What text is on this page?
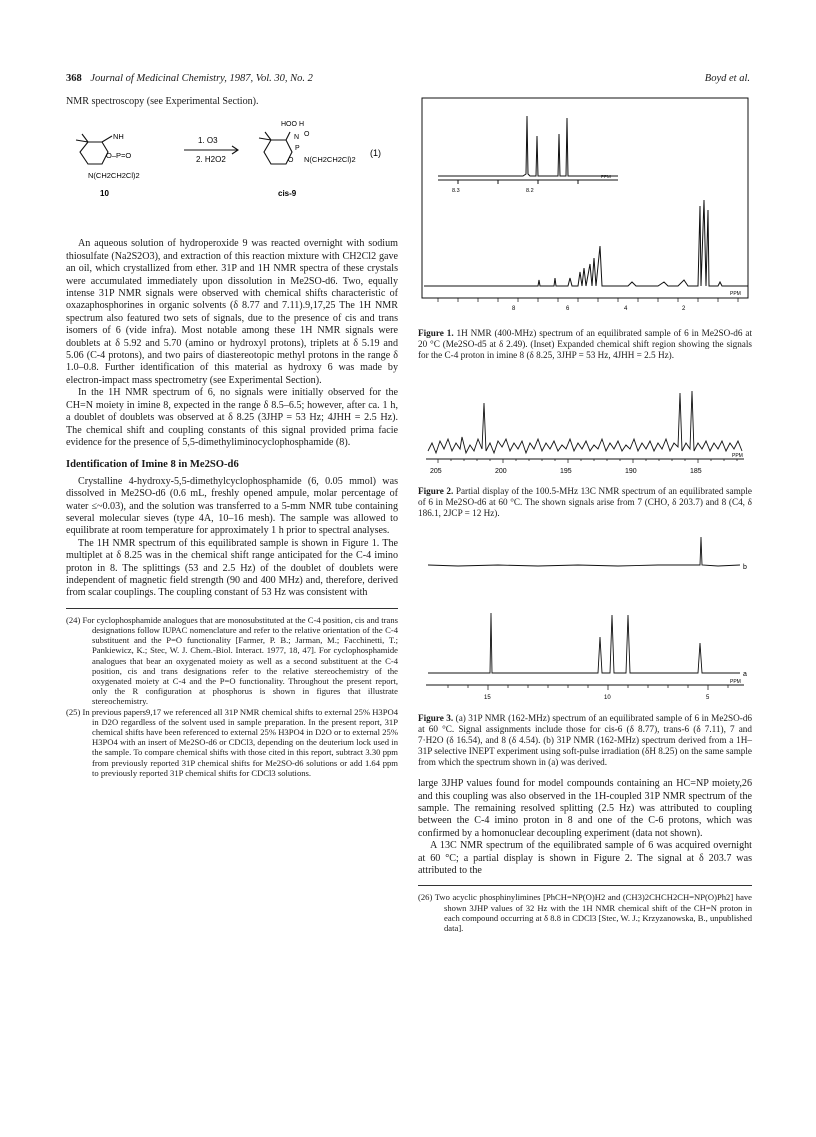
368 Journal of Medicinal Chemistry, 1987, Vol. 30, No. 2	Boyd et al.

NMR spectroscopy (see Experimental Section).

NH
O–P=O
N(CH2CH2Cl)2
10
1. O3
2. H2O2
HOO H
N O
P
O N(CH2CH2Cl)2
(1)
cis-9

An aqueous solution of hydroperoxide 9 was reacted overnight with sodium thiosulfate (Na2S2O3), and extraction of this reaction mixture with CH2Cl2 gave an oil, which crystallized from ether. 31P and 1H NMR spectra of these crystals were accumulated immediately upon dissolution in Me2SO-d6. Two, equally intense 31P NMR signals were observed with chemical shifts characteristic of oxazaphosphorines in organic solvents (δ 8.77 and 7.11).9,17,25 The 1H NMR spectrum also featured two sets of signals, due to the presence of cis and trans isomers of 6 (vide infra). Most notable among these 1H NMR signals were doublets at δ 5.92 and 5.70 (amino or hydroxyl protons), triplets at δ 5.19 and 5.06 (C-4 protons), and two pairs of diastereotopic methyl protons in the range δ 1.0–0.8. Further identification of this material as hydroxy 6 was made by electron-impact mass spectrometry (see Experimental Section).

In the 1H NMR spectrum of 6, no signals were initially observed for the CH=N moiety in imine 8, expected in the range δ 8.5–6.5; however, after ca. 1 h, a doublet of doublets was observed at δ 8.25 (3JHP = 53 Hz; 4JHH = 2.5 Hz). The chemical shift and coupling constants of this signal provided prima facie evidence for the presence of 5,5-dimethyliminocyclophosphamide (8).

Identification of Imine 8 in Me2SO-d6

Crystalline 4-hydroxy-5,5-dimethylcyclophosphamide (6, 0.05 mmol) was dissolved in Me2SO-d6 (0.6 mL, freshly opened ampule, molar percentage of water ≤~0.03), and the solution was transferred to a 5-mm NMR tube containing several molecular sieves (type 4A, 10–16 mesh). The sample was allowed to equilibrate at room temperature for approximately 1 h prior to spectral analyses.

The 1H NMR spectrum of this equilibrated sample is shown in Figure 1. The multiplet at δ 8.25 was in the chemical shift range anticipated for the C-4 imino proton in 8. The splittings (53 and 2.5 Hz) of the doublet of doublets were independent of magnetic field strength (90 and 400 MHz) and, therefore, derived from scalar couplings. The coupling constant of 53 Hz was consistent with

(24) For cyclophosphamide analogues that are monosubstituted at the C-4 position, cis and trans designations follow IUPAC nomenclature and refer to the relative orientation of the C-4 substituent and the P=O functionality [Farmer, P. B.; Jarman, M.; Facchinetti, T.; Pankiewicz, K.; Stec, W. J. Chem.-Biol. Interact. 1977, 18, 47]. For cyclophosphamide analogues that bear an oxygenated moiety as well as a second substituent at the C-4 position, cis and trans designations refer to the relative stereochemistry of the oxygenated moiety at C-4 and the P=O functionality. Throughout the present report, only the R configuration at phosphorus is shown in figures that illustrate stereochemistry.

(25) In previous papers9,17 we referenced all 31P NMR chemical shifts to external 25% H3PO4 in D2O regardless of the solvent used in sample preparation. In the present report, 31P chemical shifts have been referenced to external 25% H3PO4 in D2O or to external 25% H3PO4 with an insert of Me2SO-d6 or CDCl3, depending on the deuterium lock used in the sample. To compare chemical shifts with those cited in this report, subtract 3.30 ppm from previously reported 31P chemical shifts for Me2SO-d6 solutions or add 1.64 ppm to previously reported 31P chemical shifts for CDCl3 solutions.

8.3	8.2
PPM
8	6	4	2
PPM

Figure 1. 1H NMR (400-MHz) spectrum of an equilibrated sample of 6 in Me2SO-d6 at 20 °C (Me2SO-d5 at δ 2.49). (Inset) Expanded chemical shift region showing the signals for the C-4 proton in imine 8 (δ 8.25, 3JHP = 53 Hz, 4JHH = 2.5 Hz).

205	200	195	190	185
PPM

Figure 2. Partial display of the 100.5-MHz 13C NMR spectrum of an equilibrated sample of 6 in Me2SO-d6 at 60 °C. The shown signals arise from 7 (CHO, δ 203.7) and 8 (C4, δ 186.1, 2JCP = 12 Hz).

b
a
15	10	5
PPM

Figure 3. (a) 31P NMR (162-MHz) spectrum of an equilibrated sample of 6 in Me2SO-d6 at 60 °C. Signal assignments include those for cis-6 (δ 8.77), trans-6 (δ 7.11), 7 and 7·H2O (δ 16.54), and 8 (δ 4.54). (b) 31P NMR (162-MHz) spectrum derived from a 1H–31P selective INEPT experiment using soft-pulse irradiation (δH 8.25) on the same sample from which the spectrum shown in (a) was derived.

large 3JHP values found for model compounds containing an HC=NP moiety,26 and this coupling was also observed in the 1H-coupled 31P NMR spectrum of the sample. The remaining resolved splitting (2.5 Hz) was attributed to coupling between the C-4 imino proton in 8 and one of the C-6 protons, which was confirmed by a homonuclear decoupling experiment (data not shown).

A 13C NMR spectrum of the equilibrated sample of 6 was acquired overnight at 60 °C; a partial display is shown in Figure 2. The signal at δ 203.7 was attributed to the

(26) Two acyclic phosphinylimines [PhCH=NP(O)H2 and (CH3)2CHCH2CH=NP(O)Ph2] have shown 3JHP values of 32 Hz with the 1H NMR chemical shift of the CH=N proton in each compound occurring at δ 8.8 in CDCl3 [Stec, W. J.; Krzyzanowska, B., unpublished data].
